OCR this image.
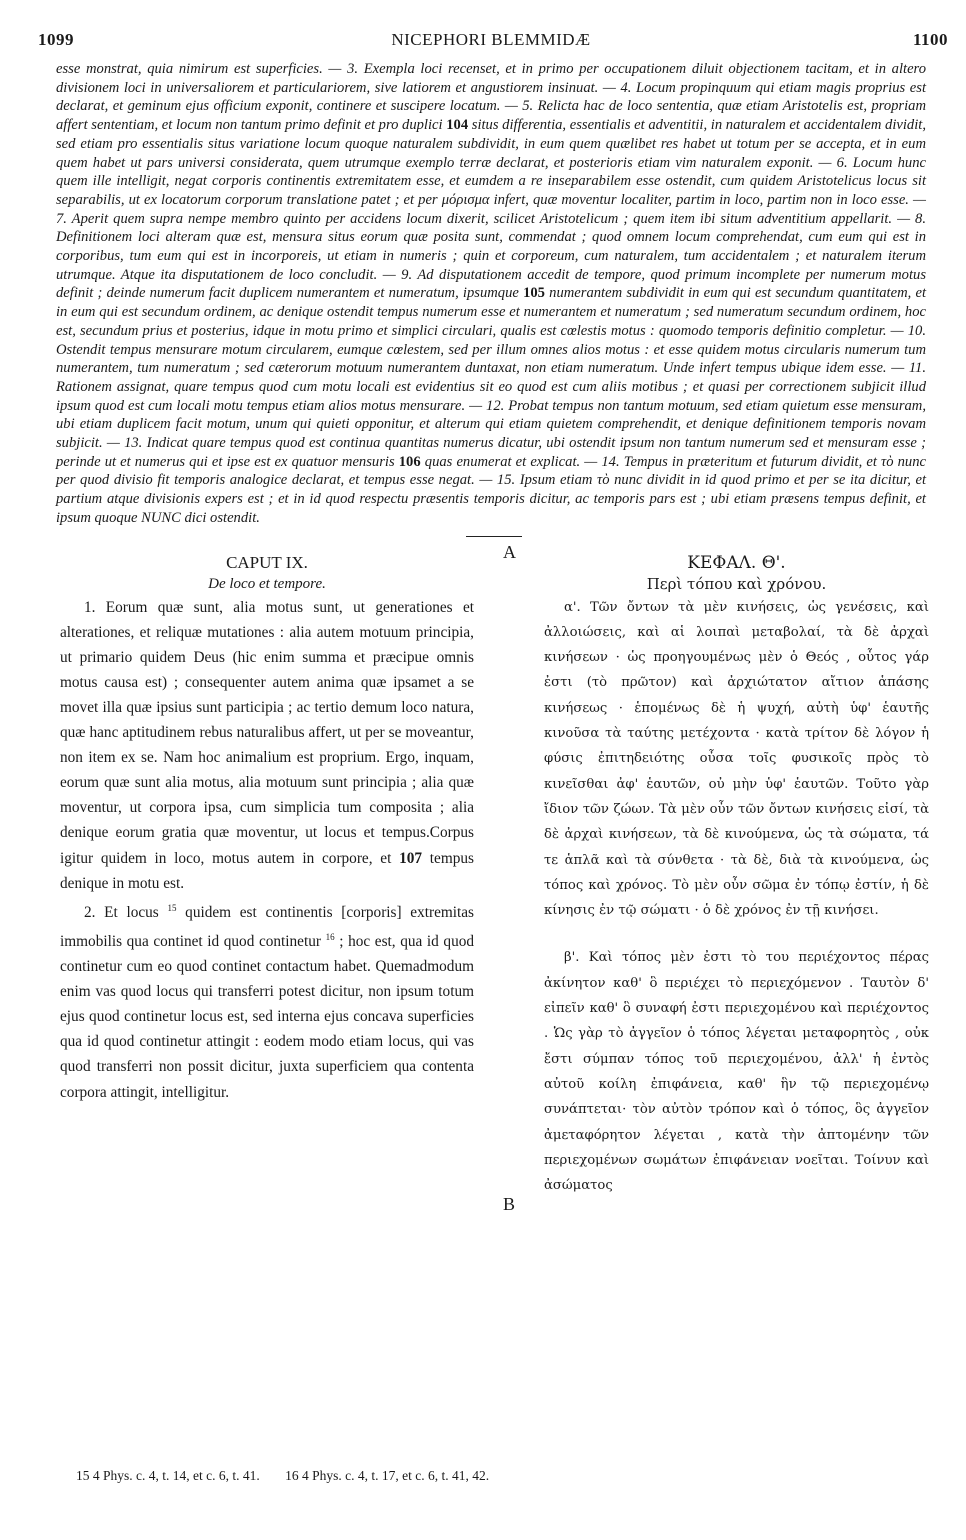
1099	NICEPHORI BLEMMIDÆ	1100
esse monstrat, quia nimirum est superficies. — 3. Exempla loci recenset, et in primo per occupationem diluit objectionem tacitam, et in altero divisionem loci in universaliorem et particulariorem, sive latiorem et angustiorem insinuat. — 4. Locum propinquum qui etiam magis proprius est declarat, et geminum ejus officium exponit, continere et suscipere locatum. — 5. Relicta hac de loco sententia, quæ etiam Aristotelis est, propriam affert sententiam, et locum non tantum primo definit et pro duplici 104 situs differentia, essentialis et adventitii, in naturalem et accidentalem dividit, sed etiam pro essentialis situs variatione locum quoque naturalem subdividit, in eum quem quælibet res habet ut totum per se accepta, et in eum quem habet ut pars universi considerata, quem utrumque exemplo terræ declarat, et posterioris etiam vim naturalem exponit. — 6. Locum hunc quem ille intelligit, negat corporis continentis extremitatem esse, et eumdem a re inseparabilem esse ostendit, cum quidem Aristotelicus locus sit separabilis, ut ex locatorum corporum translatione patet ; et per μόρισμα infert, quæ moventur localiter, partim in loco, partim non in loco esse. — 7. Aperit quem supra nempe membro quinto per accidens locum dixerit, scilicet Aristotelicum ; quem item ibi situm adventitium appellarit. — 8. Definitionem loci alteram quæ est, mensura situs eorum quæ posita sunt, commendat ; quod omnem locum comprehendat, cum eum qui est in corporibus, tum eum qui est in incorporeis, ut etiam in numeris ; quin et corporeum, cum naturalem, tum accidentalem ; et naturalem iterum utrumque. Atque ita disputationem de loco concludit. — 9. Ad disputationem accedit de tempore, quod primum incomplete per numerum motus definit ; deinde numerum facit duplicem numerantem et numeratum, ipsumque 105 numerantem subdividit in eum qui est secundum quantitatem, et in eum qui est secundum ordinem, ac denique ostendit tempus numerum esse et numerantem et numeratum ; sed numeratum secundum ordinem, hoc est, secundum prius et posterius, idque in motu primo et simplici circulari, qualis est cœlestis motus : quomodo temporis definitio completur. — 10. Ostendit tempus mensurare motum circularem, eumque cœlestem, sed per illum omnes alios motus : et esse quidem motus circularis numerum tum numerantem, tum numeratum ; sed cæterorum motuum numerantem duntaxat, non etiam numeratum. Unde infert tempus ubique idem esse. — 11. Rationem assignat, quare tempus quod cum motu locali est evidentius sit eo quod est cum aliis motibus ; et quasi per correctionem subjicit illud ipsum quod est cum locali motu tempus etiam alios motus mensurare. — 12. Probat tempus non tantum motuum, sed etiam quietum esse mensuram, ubi etiam duplicem facit motum, unum qui quieti opponitur, et alterum qui etiam quietem comprehendit, et denique definitionem temporis novam subjicit. — 13. Indicat quare tempus quod est continua quantitas numerus dicatur, ubi ostendit ipsum non tantum numerum sed et mensuram esse ; perinde ut et numerus qui et ipse est ex quatuor mensuris 106 quas enumerat et explicat. — 14. Tempus in præteritum et futurum dividit, et τὸ nunc per quod divisio fit temporis analogice declarat, et tempus esse negat. — 15. Ipsum etiam τὸ nunc dividit in id quod primo et per se ita dicitur, et partium atque divisionis expers est ; et in id quod respectu præsentis temporis dicitur, ac temporis pars est ; ubi etiam præsens tempus definit, et ipsum quoque NUNC dici ostendit.
A
B
CAPUT IX.
De loco et tempore.

1. Eorum quæ sunt, alia motus sunt, ut generationes et alterationes, et reliquæ mutationes : alia autem motuum principia, ut primario quidem Deus (hic enim summa et præcipue omnis motus causa est) ; consequenter autem anima quæ ipsamet a se movet illa quæ ipsius sunt participia ; ac tertio demum loco natura, quæ hanc aptitudinem rebus naturalibus affert, ut per se moveantur, non item ex se. Nam hoc animalium est proprium. Ergo, inquam, eorum quæ sunt alia motus, alia motuum sunt principia ; alia quæ moventur, ut corpora ipsa, cum simplicia tum composita ; alia denique eorum gratia quæ moventur, ut locus et tempus.Corpus igitur quidem in loco, motus autem in corpore, et 107 tempus denique in motu est.

2. Et locus $^{15}$ quidem est continentis [corporis] extremitas immobilis qua continet id quod continetur $^{16}$ ; hoc est, qua id quod continetur cum eo quod continet contactum habet. Quemadmodum enim vas quod locus qui transferri potest dicitur, non ipsum totum ejus quod continetur locus est, sed interna ejus concava superficies qua id quod continetur attingit : eodem modo etiam locus, qui vas quod transferri non possit dicitur, juxta superficiem qua contenta corpora attingit, intelligitur.

ΚΕΦΑΛ. Θ'.
Περὶ τόπου καὶ χρόνου.

α'. Τῶν ὄντων τὰ μὲν κινήσεις, ὡς γενέσεις, καὶ ἀλλοιώσεις, καὶ αἱ λοιπαὶ μεταβολαί, τὰ δὲ ἀρχαὶ κινήσεων · ὡς προηγουμένως μὲν ὁ Θεός , οὗτος γάρ ἐστι (τὸ πρῶτον) καὶ ἀρχιώτατον αἴτιον ἁπάσης κινήσεως · ἑπομένως δὲ ἡ ψυχή, αὐτὴ ὑφ' ἑαυτῆς κινοῦσα τὰ ταύτης μετέχοντα · κατὰ τρίτον δὲ λόγον ἡ φύσις ἐπιτηδειότης οὖσα τοῖς φυσικοῖς πρὸς τὸ κινεῖσθαι ἀφ' ἑαυτῶν, οὐ μὴν ὑφ' ἑαυτῶν. Τοῦτο γὰρ ἴδιον τῶν ζώων. Τὰ μὲν οὖν τῶν ὄντων κινήσεις εἰσί, τὰ δὲ ἀρχαὶ κινήσεων, τὰ δὲ κινούμενα, ὡς τὰ σώματα, τά τε ἁπλᾶ καὶ τὰ σύνθετα · τὰ δὲ, διὰ τὰ κινούμενα, ὡς τόπος καὶ χρόνος. Τὸ μὲν οὖν σῶμα ἐν τόπῳ ἐστίν, ἡ δὲ κίνησις ἐν τῷ σώματι · ὁ δὲ χρόνος ἐν τῇ κινήσει.

β'. Καὶ τόπος μὲν ἐστι τὸ του περιέχοντος πέρας ἀκίνητον καθ' ὃ περιέχει τὸ περιεχόμενον . Ταυτὸν δ' εἰπεῖν καθ' ὃ συναφή ἐστι περιεχομένου καὶ περιέχοντος . Ὡς γὰρ τὸ ἀγγεῖον ὁ τόπος λέγεται μεταφορητὸς , οὐκ ἔστι σύμπαν τόπος τοῦ περιεχομένου, ἀλλ' ἡ ἐντὸς αὐτοῦ κοίλη ἐπιφάνεια, καθ' ἣν τῷ περιεχομένῳ συνάπτεται· τὸν αὐτὸν τρόπον καὶ ὁ τόπος, ὃς ἀγγεῖον ἀμεταφόρητον λέγεται , κατὰ τὴν ἀπτομένην τῶν περιεχομένων σωμάτων ἐπιφάνειαν νοεῖται. Τοίνυν καὶ ἀσώματος

15 4 Phys. c. 4, t. 14, et c. 6, t. 41. 16 4 Phys. c. 4, t. 17, et c. 6, t. 41, 42.
